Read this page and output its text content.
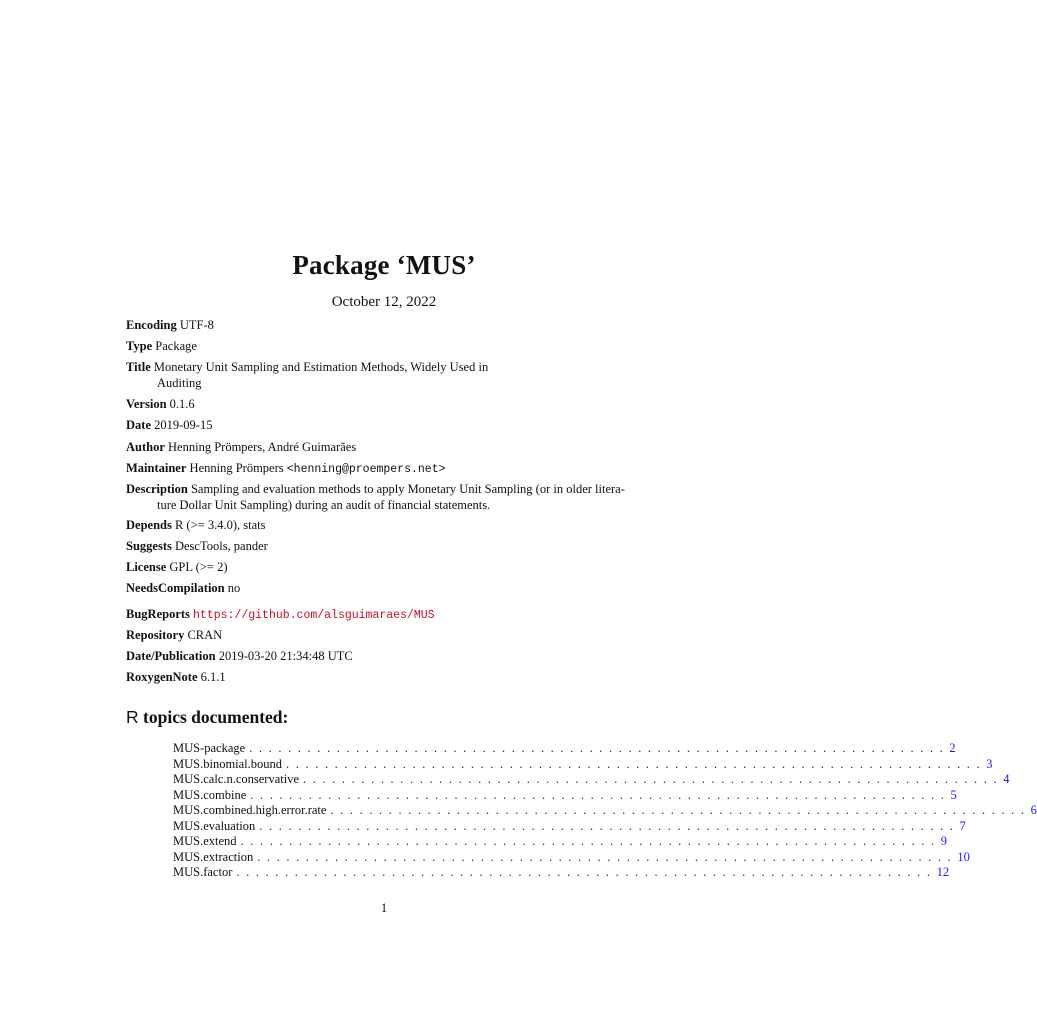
Package ‘MUS’
October 12, 2022
Encoding UTF-8
Type Package
Title Monetary Unit Sampling and Estimation Methods, Widely Used in
Auditing
Version 0.1.6
Date 2019-09-15
Author Henning Prömpers, André Guimarães
Maintainer Henning Prömpers <henning@proempers.net>
Description Sampling and evaluation methods to apply Monetary Unit Sampling (or in older litera-
ture Dollar Unit Sampling) during an audit of financial statements.
Depends R (>= 3.4.0), stats
Suggests DescTools, pander
License GPL (>= 2)
NeedsCompilation no
BugReports https://github.com/alsguimaraes/MUS
Repository CRAN
Date/Publication 2019-03-20 21:34:48 UTC
RoxygenNote 6.1.1
R topics documented:
MUS-package ........................................................................ 2
MUS.binomial.bound ........................................................................ 3
MUS.calc.n.conservative ........................................................................ 4
MUS.combine ........................................................................ 5
MUS.combined.high.error.rate ........................................................................ 6
MUS.evaluation ........................................................................ 7
MUS.extend ........................................................................ 9
MUS.extraction ........................................................................ 10
MUS.factor ........................................................................ 12
1
